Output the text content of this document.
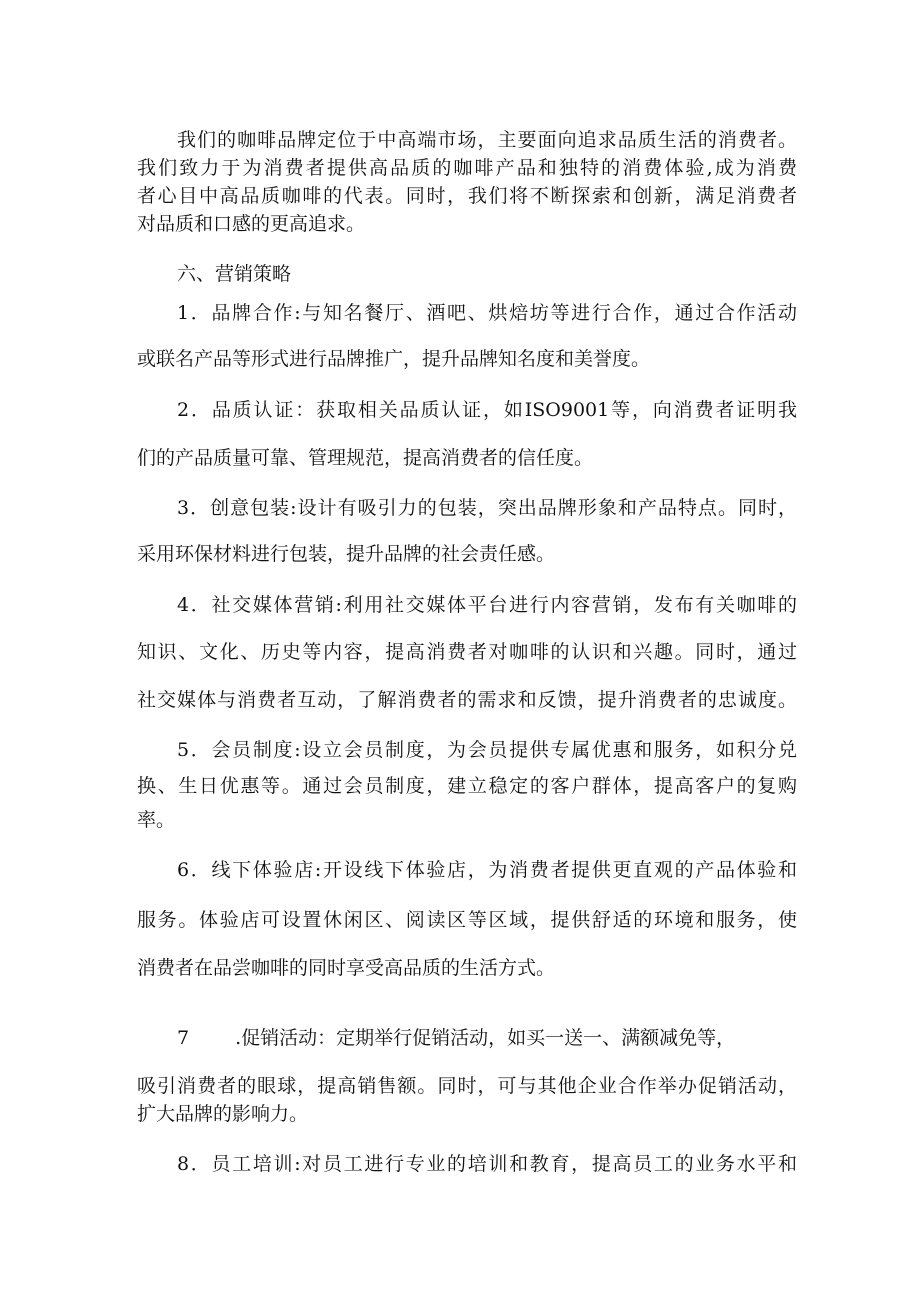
我们的咖啡品牌定位于中高端市场，主要面向追求品质生活的消费者。
我们致力于为消费者提供高品质的咖啡产品和独特的消费体验,成为消费
者心目中高品质咖啡的代表。同时，我们将不断探索和创新，满足消费者
对品质和口感的更高追求。
六、营销策略
1．品牌合作:与知名餐厅、酒吧、烘焙坊等进行合作，通过合作活动
或联名产品等形式进行品牌推广，提升品牌知名度和美誉度。
2．品质认证：获取相关品质认证，如ISO9001等，向消费者证明我
们的产品质量可靠、管理规范，提高消费者的信任度。
3．创意包装:设计有吸引力的包装，突出品牌形象和产品特点。同时，
采用环保材料进行包装，提升品牌的社会责任感。
4．社交媒体营销:利用社交媒体平台进行内容营销，发布有关咖啡的
知识、文化、历史等内容，提高消费者对咖啡的认识和兴趣。同时，通过
社交媒体与消费者互动，了解消费者的需求和反馈，提升消费者的忠诚度。
5．会员制度:设立会员制度，为会员提供专属优惠和服务，如积分兑
换、生日优惠等。通过会员制度，建立稳定的客户群体，提高客户的复购
率。
6．线下体验店:开设线下体验店，为消费者提供更直观的产品体验和
服务。体验店可设置休闲区、阅读区等区域，提供舒适的环境和服务，使
消费者在品尝咖啡的同时享受高品质的生活方式。
7 .促销活动：定期举行促销活动，如买一送一、满额减免等，
吸引消费者的眼球，提高销售额。同时，可与其他企业合作举办促销活动，
扩大品牌的影响力。
8．员工培训:对员工进行专业的培训和教育，提高员工的业务水平和
